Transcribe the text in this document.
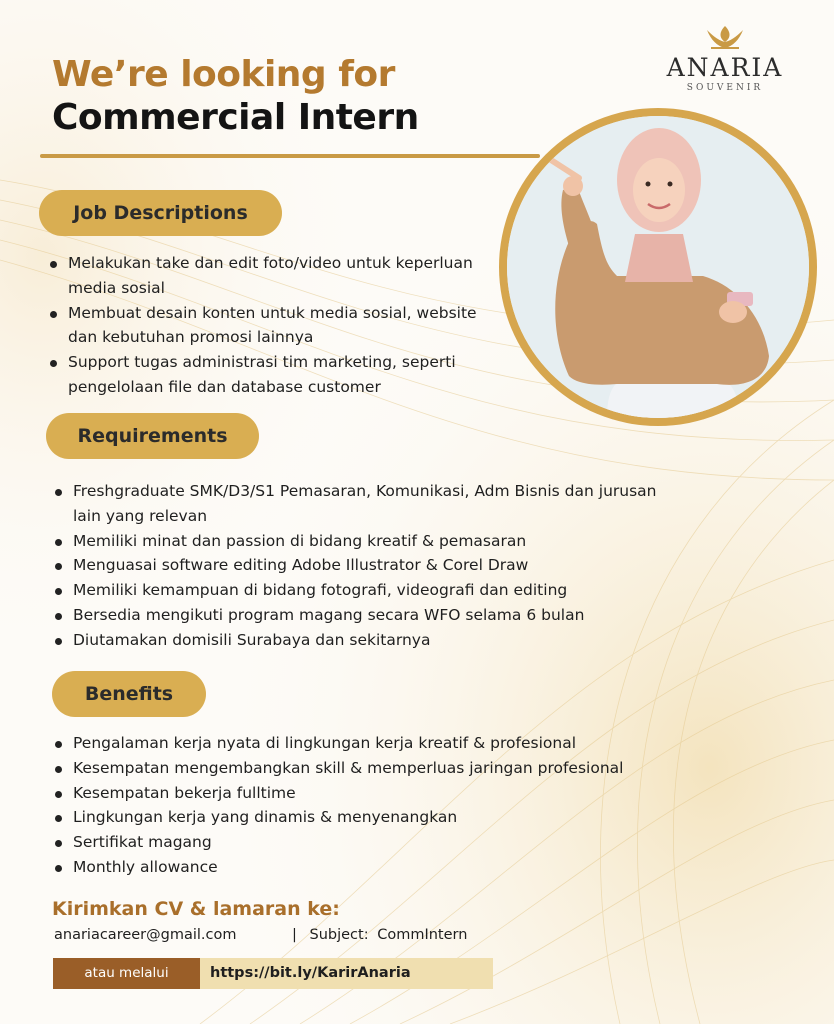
ANARIA
SOUVENIR
We’re looking for
Commercial Intern
Job Descriptions
Melakukan take dan edit foto/video untuk keperluan media sosial
Membuat desain konten untuk media sosial, website dan kebutuhan promosi lainnya
Support tugas administrasi tim marketing, seperti pengelolaan file dan database customer
Requirements
Freshgraduate SMK/D3/S1 Pemasaran, Komunikasi, Adm Bisnis dan jurusan lain yang relevan
Memiliki minat dan passion di bidang kreatif & pemasaran
Menguasai software editing Adobe Illustrator & Corel Draw
Memiliki kemampuan di bidang fotografi, videografi dan editing
Bersedia mengikuti program magang secara WFO selama 6 bulan
Diutamakan domisili Surabaya dan sekitarnya
Benefits
Pengalaman kerja nyata di lingkungan kerja kreatif & profesional
Kesempatan mengembangkan skill & memperluas jaringan profesional
Kesempatan bekerja fulltime
Lingkungan kerja yang dinamis & menyenangkan
Sertifikat magang
Monthly allowance
Kirimkan CV & lamaran ke:
anariacareer@gmail.com	| Subject: CommIntern
atau melalui	https://bit.ly/KarirAnaria
